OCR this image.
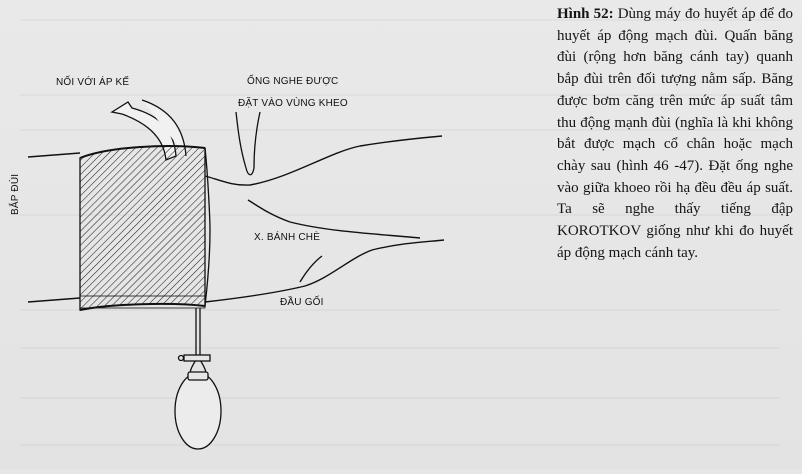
NỐI VỚI ÁP KẾ	ỐNG NGHE ĐƯỢC
ĐẶT VÀO VÙNG KHEO
X. BÁNH CHÈ
ĐẦU GỐI
BẮP ĐÙI
Hình 52: Dùng máy đo huyết áp để đo huyết áp động mạch đùi. Quấn băng đùi (rộng hơn băng cánh tay) quanh bắp đùi trên đối tượng nằm sấp. Băng được bơm căng trên mức áp suất tâm thu động mạnh đùi (nghĩa là khi không bắt được mạch cổ chân hoặc mạch chày sau (hình 46 -47). Đặt ống nghe vào giữa khoeo rồi hạ đều đều áp suất. Ta sẽ nghe thấy tiếng đập KOROTKOV giống như khi đo huyết áp động mạch cánh tay.
